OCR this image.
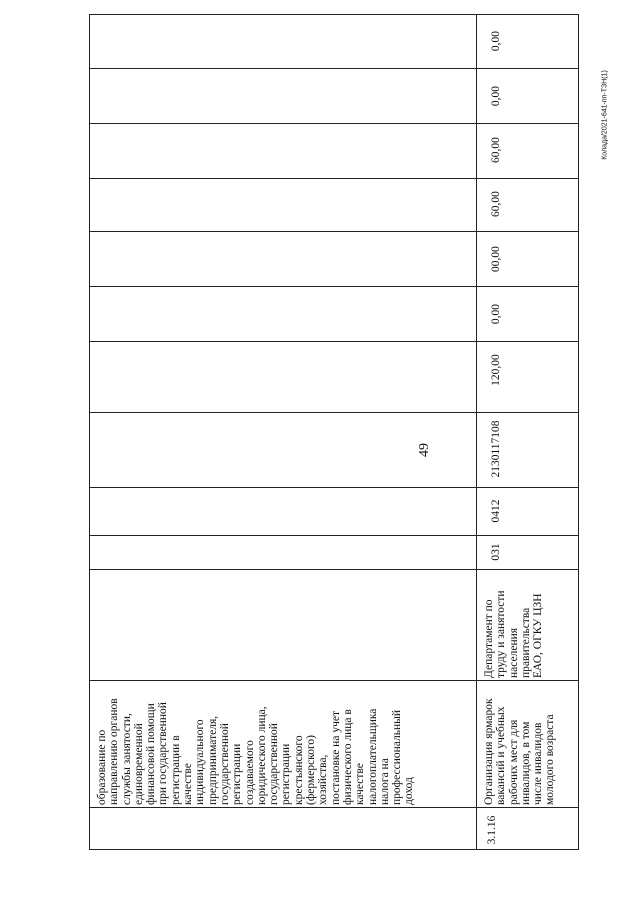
49
Колада/2021-641-пп-ТЗН(1)
образование по направлению органов службы занятости, единовременной финансовой помощи при государственной регистрации в качестве индивидуального предпринимателя, государственной регистрации создаваемого юридического лица, государственной регистрации крестьянского (фермерского) хозяйства, постановке на учет физического лица в качестве налогоплательщика налога на профессиональный доход
3.1.16
Организация ярмарок вакансий и учебных рабочих мест для инвалидов, в том числе инвалидов молодого возраста
Департамент по труду и занятости населения правительства ЕАО, ОГКУ ЦЗН
031
0412
2130117108
120,00
0,00
00,00
60,00
60,00
0,00
0,00
